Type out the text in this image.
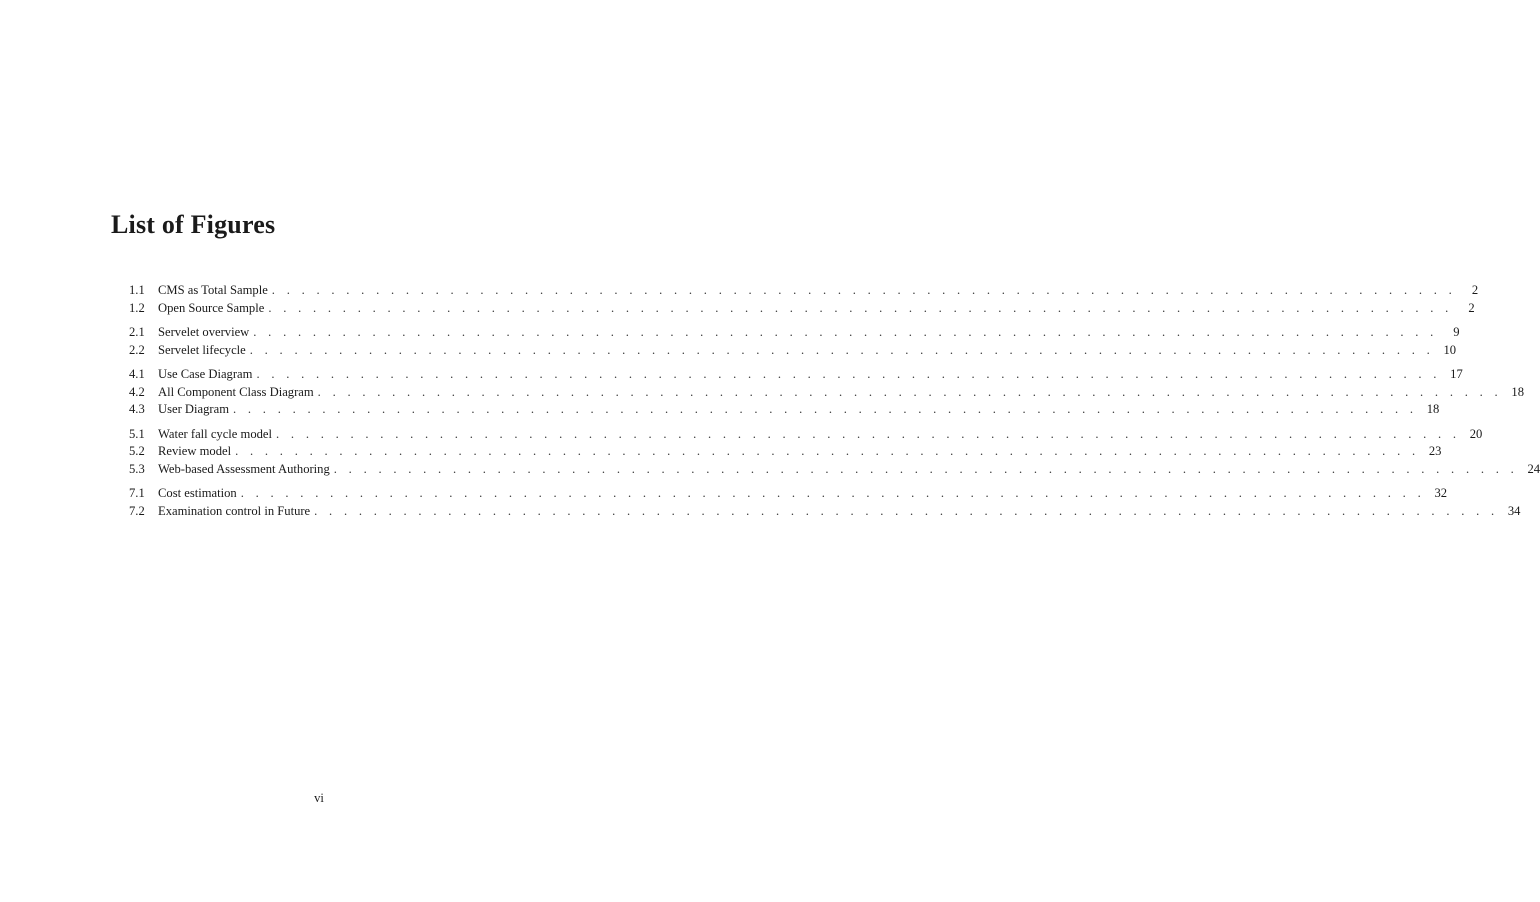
List of Figures
1.1	CMS as Total Sample . . . . . . . . . . . . . . . . . . . . . . . . . . . . . . . . . . . . . . . . . . . . . . . . . . . . . . . . . . . . . . . . . . . . . . . . . . . . . . . .	2
1.2	Open Source Sample . . . . . . . . . . . . . . . . . . . . . . . . . . . . . . . . . . . . . . . . . . . . . . . . . . . . . . . . . . . . . . . . . . . . . . . . . . . . . . . .	2
2.1	Servelet overview . . . . . . . . . . . . . . . . . . . . . . . . . . . . . . . . . . . . . . . . . . . . . . . . . . . . . . . . . . . . . . . . . . . . . . . . . . . . . . . .	9
2.2	Servelet lifecycle . . . . . . . . . . . . . . . . . . . . . . . . . . . . . . . . . . . . . . . . . . . . . . . . . . . . . . . . . . . . . . . . . . . . . . . . . . . . . . . . 10
4.1	Use Case Diagram . . . . . . . . . . . . . . . . . . . . . . . . . . . . . . . . . . . . . . . . . . . . . . . . . . . . . . . . . . . . . . . . . . . . . . . . . . . . . . . . 17
4.2	All Component Class Diagram . . . . . . . . . . . . . . . . . . . . . . . . . . . . . . . . . . . . . . . . . . . . . . . . . . . . . . . . . . . . . . . . . . . . . . . . . . . . . . . . 18
4.3	User Diagram . . . . . . . . . . . . . . . . . . . . . . . . . . . . . . . . . . . . . . . . . . . . . . . . . . . . . . . . . . . . . . . . . . . . . . . . . . . . . . . . 18
5.1	Water fall cycle model . . . . . . . . . . . . . . . . . . . . . . . . . . . . . . . . . . . . . . . . . . . . . . . . . . . . . . . . . . . . . . . . . . . . . . . . . . . . . . . . 20
5.2	Review model . . . . . . . . . . . . . . . . . . . . . . . . . . . . . . . . . . . . . . . . . . . . . . . . . . . . . . . . . . . . . . . . . . . . . . . . . . . . . . . . 23
5.3	Web-based Assessment Authoring . . . . . . . . . . . . . . . . . . . . . . . . . . . . . . . . . . . . . . . . . . . . . . . . . . . . . . . . . . . . . . . . . . . . . . . . . . . . . . . . 24
7.1	Cost estimation . . . . . . . . . . . . . . . . . . . . . . . . . . . . . . . . . . . . . . . . . . . . . . . . . . . . . . . . . . . . . . . . . . . . . . . . . . . . . . . . 32
7.2	Examination control in Future . . . . . . . . . . . . . . . . . . . . . . . . . . . . . . . . . . . . . . . . . . . . . . . . . . . . . . . . . . . . . . . . . . . . . . . . . . . . . . . . 34
vi
